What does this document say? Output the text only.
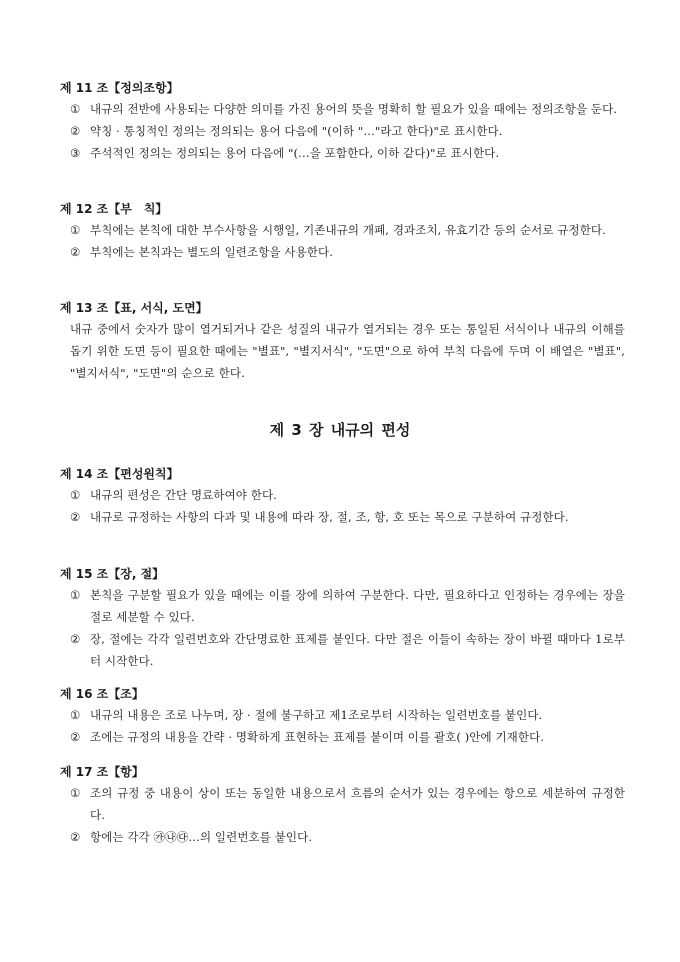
제 11 조【정의조항】
① 내규의 전반에 사용되는 다양한 의미를 가진 용어의 뜻을 명확히 할 필요가 있을 때에는 정의조항을 둔다.
② 약칭 · 통칭적인 정의는 정의되는 용어 다음에 "(이하 "…"라고 한다)"로 표시한다.
③ 주석적인 정의는 정의되는 용어 다음에 "(…을 포함한다, 이하 같다)"로 표시한다.
제 12 조【부　칙】
① 부칙에는 본칙에 대한 부수사항을 시행일, 기존내규의 개폐, 경과조치, 유효기간 등의 순서로 규정한다.
② 부칙에는 본칙과는 별도의 일련조항을 사용한다.
제 13 조【표, 서식, 도면】
내규 중에서 숫자가 많이 열거되거나 같은 성질의 내규가 열거되는 경우 또는 통일된 서식이나 내규의 이해를 돕기 위한 도면 등이 필요한 때에는 "별표", "별지서식", "도면"으로 하여 부칙 다음에 두며 이 배열은 "별표", "별지서식", "도면"의 순으로 한다.
제 3 장 내규의 편성
제 14 조【편성원칙】
① 내규의 편성은 간단 명료하여야 한다.
② 내규로 규정하는 사항의 다과 및 내용에 따라 장, 절, 조, 항, 호 또는 목으로 구분하여 규정한다.
제 15 조【장, 절】
① 본칙을 구분할 필요가 있을 때에는 이를 장에 의하여 구분한다. 다만, 필요하다고 인정하는 경우에는 장을 절로 세분할 수 있다.
② 장, 절에는 각각 일련번호와 간단명료한 표제를 붙인다. 다만 절은 이들이 속하는 장이 바뀔 때마다 1로부터 시작한다.
제 16 조【조】
① 내규의 내용은 조로 나누며, 장 · 절에 불구하고 제1조로부터 시작하는 일련번호를 붙인다.
② 조에는 규정의 내용을 간략 · 명확하게 표현하는 표제를 붙이며 이를 괄호( )안에 기재한다.
제 17 조【항】
① 조의 규정 중 내용이 상이 또는 동일한 내용으로서 흐름의 순서가 있는 경우에는 항으로 세분하여 규정한다.
② 항에는 각각 ㉮㉯㉰…의 일련번호를 붙인다.
